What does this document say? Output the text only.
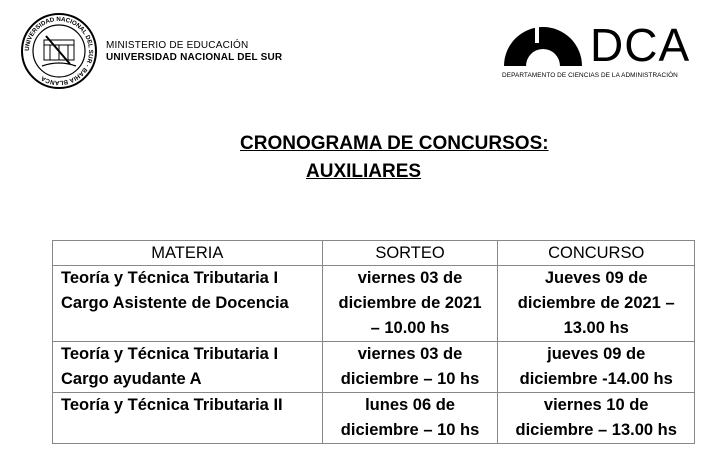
UNIVERSIDAD NACIONAL DEL SUR · BAHIA BLANCA
MINISTERIO DE EDUCACIÓN
UNIVERSIDAD NACIONAL DEL SUR	DCA
DEPARTAMENTO DE CIENCIAS DE LA ADMINISTRACIÓN
CRONOGRAMA DE CONCURSOS:
AUXILIARES
MATERIA	SORTEO	CONCURSO

Teoría y Técnica Tributaria I
Cargo Asistente de Docencia	viernes 03 de
diciembre de 2021
– 10.00 hs	Jueves 09 de
diciembre de 2021 –
13.00 hs

Teoría y Técnica Tributaria I
Cargo ayudante A	viernes 03 de
diciembre – 10 hs	jueves 09 de
diciembre -14.00 hs

Teoría y Técnica Tributaria II	lunes 06 de
diciembre – 10 hs	viernes 10 de
diciembre – 13.00 hs
